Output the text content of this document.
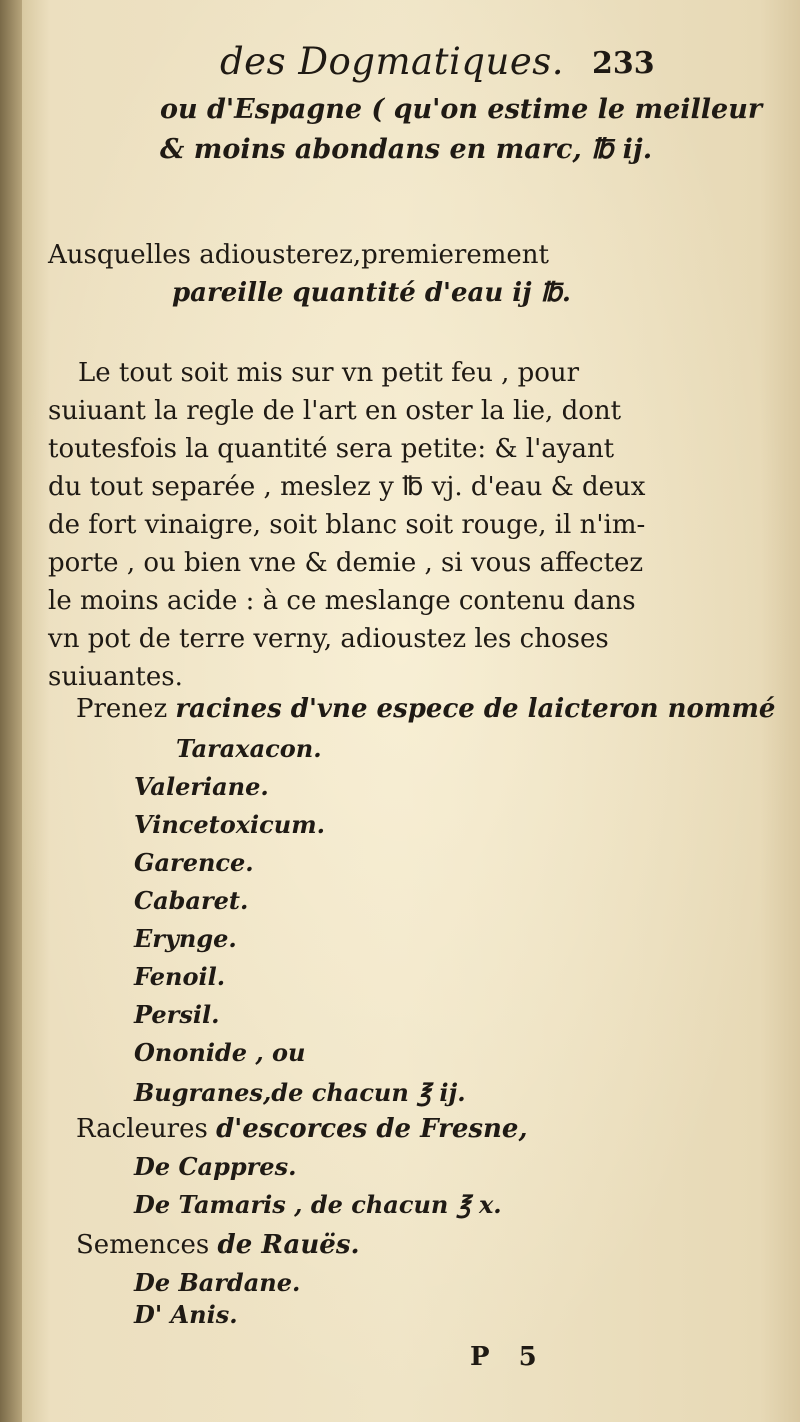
des Dogmatiques. 233
ou d'Espagne ( qu'on estime le meilleur
& moins abondans en marc, ℔ ij.
Ausquelles adiousterez,premierement
pareille quantité d'eau ij ℔.
Le tout soit mis sur vn petit feu , pour
suiuant la regle de l'art en oster la lie, dont
toutesfois la quantité sera petite: & l'ayant
du tout separée , meslez y ℔ vj. d'eau & deux
de fort vinaigre, soit blanc soit rouge, il n'im-
porte , ou bien vne & demie , si vous affectez
le moins acide : à ce meslange contenu dans
vn pot de terre verny, adioustez les choses
suiuantes.
Prenez racines d'vne espece de laicteron nommé
Taraxacon.
Valeriane.
Vincetoxicum.
Garence.
Cabaret.
Erynge.
Fenoil.
Persil.
Ononide , ou
Bugranes,de chacun ℥ ij.
Racleures d'escorces de Fresne,
De Cappres.
De Tamaris , de chacun ℥ x.
Semences de Rauës.
De Bardane.
D' Anis.
P 5
